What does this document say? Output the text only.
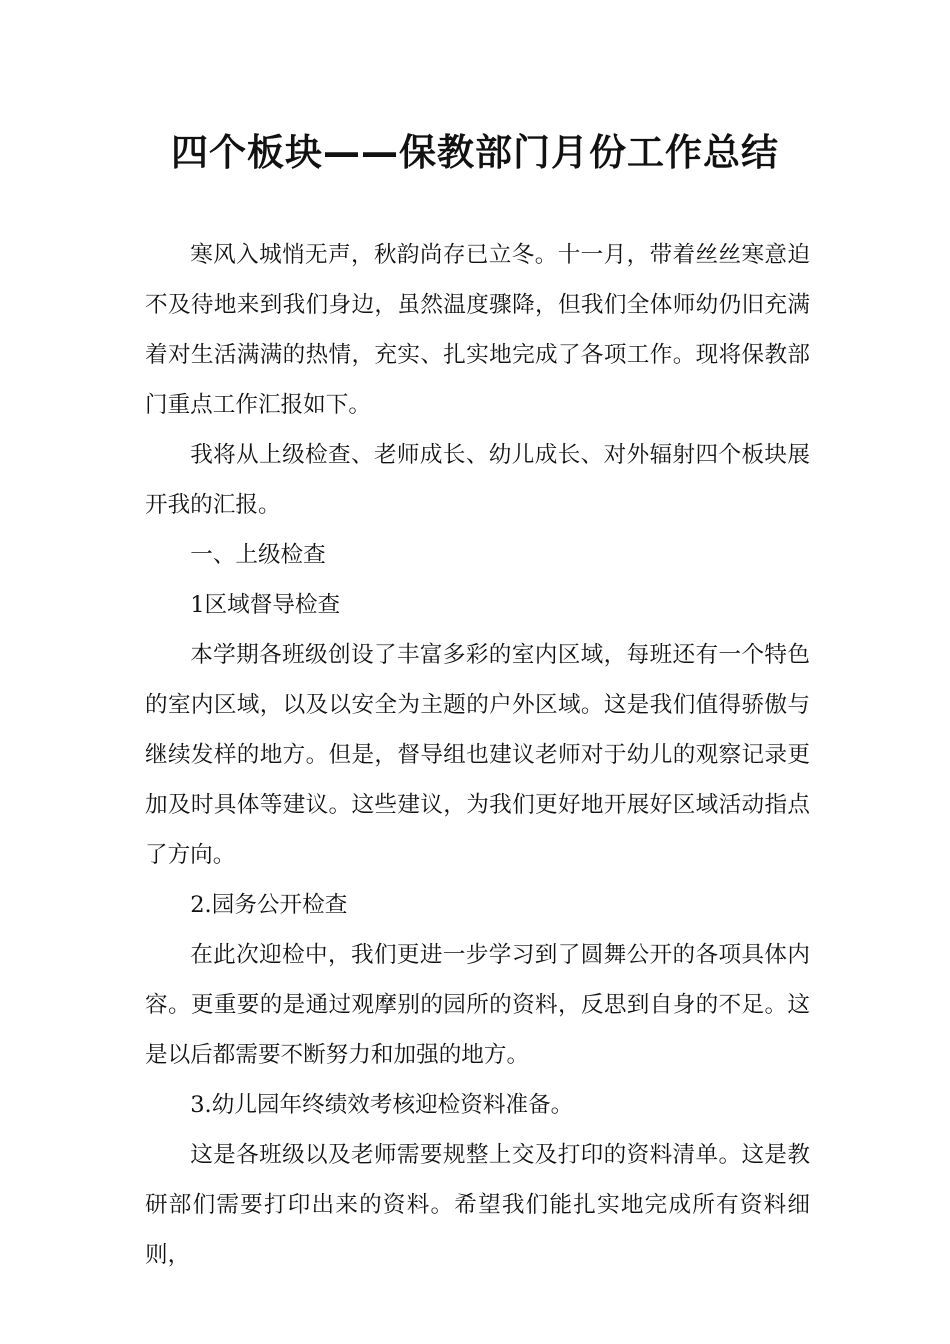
四个板块——保教部门月份工作总结

寒风入城悄无声，秋韵尚存已立冬。十一月，带着丝丝寒意迫不及待地来到我们身边，虽然温度骤降，但我们全体师幼仍旧充满着对生活满满的热情，充实、扎实地完成了各项工作。现将保教部门重点工作汇报如下。

我将从上级检查、老师成长、幼儿成长、对外辐射四个板块展开我的汇报。

一、上级检查

1区域督导检查

本学期各班级创设了丰富多彩的室内区域，每班还有一个特色的室内区域，以及以安全为主题的户外区域。这是我们值得骄傲与继续发样的地方。但是，督导组也建议老师对于幼儿的观察记录更加及时具体等建议。这些建议，为我们更好地开展好区域活动指点了方向。

2.园务公开检查

在此次迎检中，我们更进一步学习到了圆舞公开的各项具体内容。更重要的是通过观摩别的园所的资料，反思到自身的不足。这是以后都需要不断努力和加强的地方。

3.幼儿园年终绩效考核迎检资料准备。

这是各班级以及老师需要规整上交及打印的资料清单。这是教研部们需要打印出来的资料。希望我们能扎实地完成所有资料细则，
